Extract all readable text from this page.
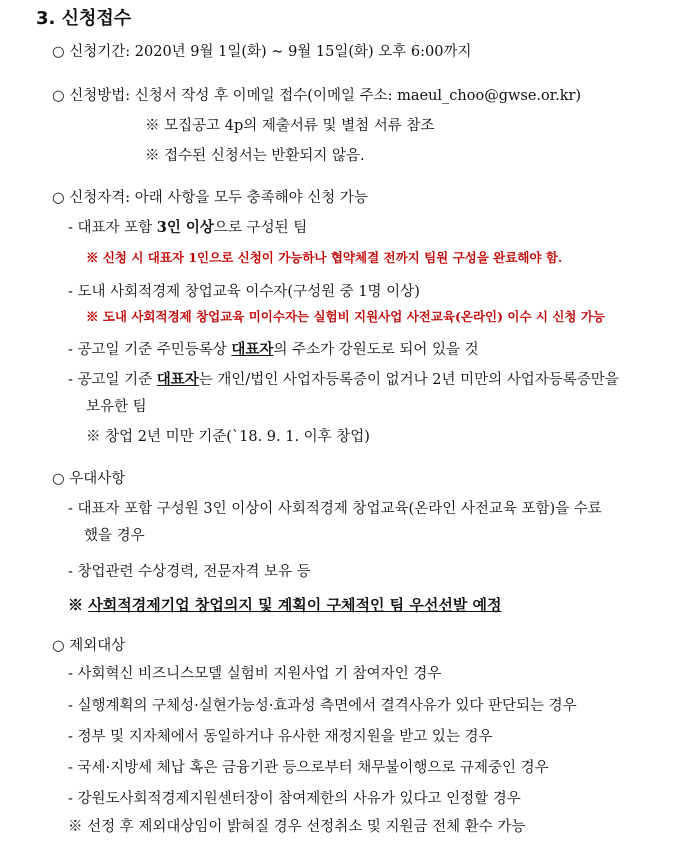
3. 신청접수
○ 신청기간: 2020년 9월 1일(화) ~ 9월 15일(화) 오후 6:00까지
○ 신청방법: 신청서 작성 후 이메일 접수(이메일 주소: maeul_choo@gwse.or.kr)
※ 모집공고 4p의 제출서류 및 별첨 서류 참조
※ 접수된 신청서는 반환되지 않음.
○ 신청자격: 아래 사항을 모두 충족해야 신청 가능
- 대표자 포함 3인 이상으로 구성된 팀
※ 신청 시 대표자 1인으로 신청이 가능하나 협약체결 전까지 팀원 구성을 완료해야 함.
- 도내 사회적경제 창업교육 이수자(구성원 중 1명 이상)
※ 도내 사회적경제 창업교육 미이수자는 실험비 지원사업 사전교육(온라인) 이수 시 신청 가능
- 공고일 기준 주민등록상 대표자의 주소가 강원도로 되어 있을 것
- 공고일 기준 대표자는 개인/법인 사업자등록증이 없거나 2년 미만의 사업자등록증만을
보유한 팀
※ 창업 2년 미만 기준(`18. 9. 1. 이후 창업)
○ 우대사항
- 대표자 포함 구성원 3인 이상이 사회적경제 창업교육(온라인 사전교육 포함)을 수료
했을 경우
- 창업관련 수상경력, 전문자격 보유 등
※ 사회적경제기업 창업의지 및 계획이 구체적인 팀 우선선발 예정
○ 제외대상
- 사회혁신 비즈니스모델 실험비 지원사업 기 참여자인 경우
- 실행계획의 구체성·실현가능성·효과성 측면에서 결격사유가 있다 판단되는 경우
- 정부 및 지자체에서 동일하거나 유사한 재정지원을 받고 있는 경우
- 국세·지방세 체납 혹은 금융기관 등으로부터 채무불이행으로 규제중인 경우
- 강원도사회적경제지원센터장이 참여제한의 사유가 있다고 인정할 경우
※ 선정 후 제외대상임이 밝혀질 경우 선정취소 및 지원금 전체 환수 가능
